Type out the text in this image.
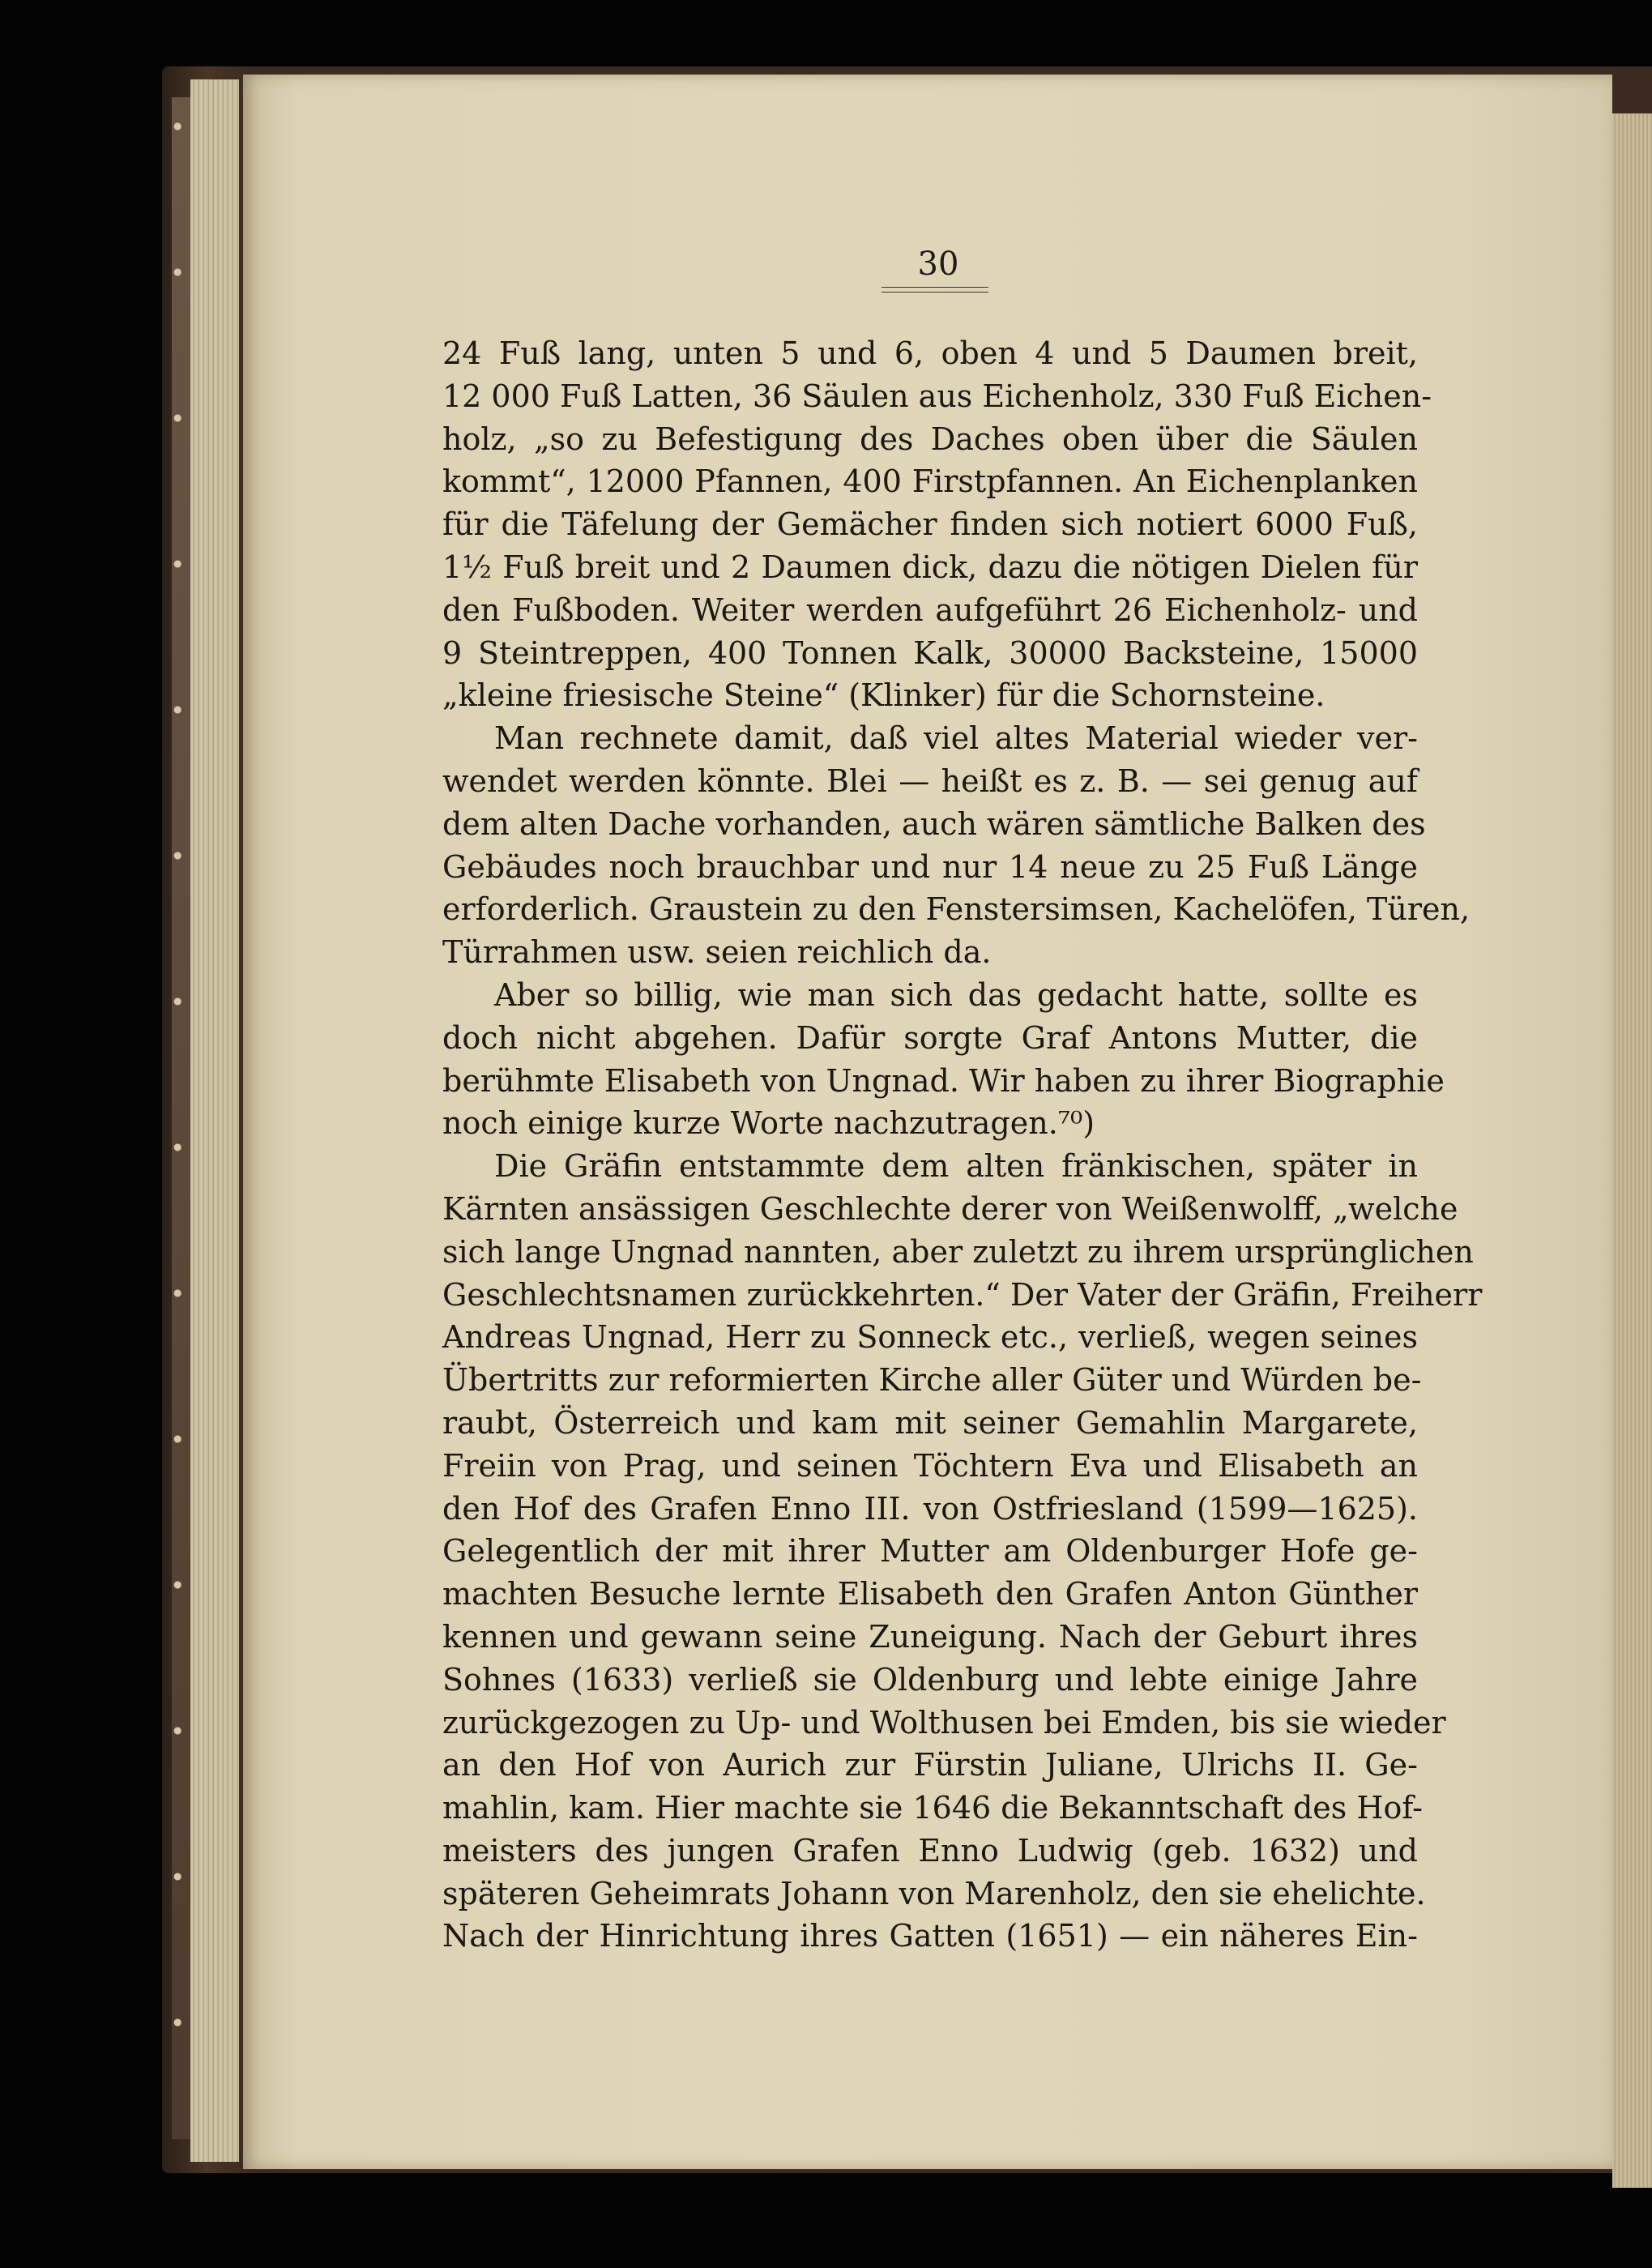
30
24 Fuß lang, unten 5 und 6, oben 4 und 5 Daumen breit,
12 000 Fuß Latten, 36 Säulen aus Eichenholz, 330 Fuß Eichen-
holz, „so zu Befestigung des Daches oben über die Säulen
kommt“, 12000 Pfannen, 400 Firstpfannen. An Eichenplanken
für die Täfelung der Gemächer finden sich notiert 6000 Fuß,
1½ Fuß breit und 2 Daumen dick, dazu die nötigen Dielen für
den Fußboden. Weiter werden aufgeführt 26 Eichenholz- und
9 Steintreppen, 400 Tonnen Kalk, 30000 Backsteine, 15000
„kleine friesische Steine“ (Klinker) für die Schornsteine.
Man rechnete damit, daß viel altes Material wieder ver-
wendet werden könnte. Blei — heißt es z. B. — sei genug auf
dem alten Dache vorhanden, auch wären sämtliche Balken des
Gebäudes noch brauchbar und nur 14 neue zu 25 Fuß Länge
erforderlich. Graustein zu den Fenstersimsen, Kachelöfen, Türen,
Türrahmen usw. seien reichlich da.
Aber so billig, wie man sich das gedacht hatte, sollte es
doch nicht abgehen. Dafür sorgte Graf Antons Mutter, die
berühmte Elisabeth von Ungnad. Wir haben zu ihrer Biographie
noch einige kurze Worte nachzutragen.⁷⁰)
Die Gräfin entstammte dem alten fränkischen, später in
Kärnten ansässigen Geschlechte derer von Weißenwolff, „welche
sich lange Ungnad nannten, aber zuletzt zu ihrem ursprünglichen
Geschlechtsnamen zurückkehrten.“ Der Vater der Gräfin, Freiherr
Andreas Ungnad, Herr zu Sonneck etc., verließ, wegen seines
Übertritts zur reformierten Kirche aller Güter und Würden be-
raubt, Österreich und kam mit seiner Gemahlin Margarete,
Freiin von Prag, und seinen Töchtern Eva und Elisabeth an
den Hof des Grafen Enno III. von Ostfriesland (1599—1625).
Gelegentlich der mit ihrer Mutter am Oldenburger Hofe ge-
machten Besuche lernte Elisabeth den Grafen Anton Günther
kennen und gewann seine Zuneigung. Nach der Geburt ihres
Sohnes (1633) verließ sie Oldenburg und lebte einige Jahre
zurückgezogen zu Up- und Wolthusen bei Emden, bis sie wieder
an den Hof von Aurich zur Fürstin Juliane, Ulrichs II. Ge-
mahlin, kam. Hier machte sie 1646 die Bekanntschaft des Hof-
meisters des jungen Grafen Enno Ludwig (geb. 1632) und
späteren Geheimrats Johann von Marenholz, den sie ehelichte.
Nach der Hinrichtung ihres Gatten (1651) — ein näheres Ein-
